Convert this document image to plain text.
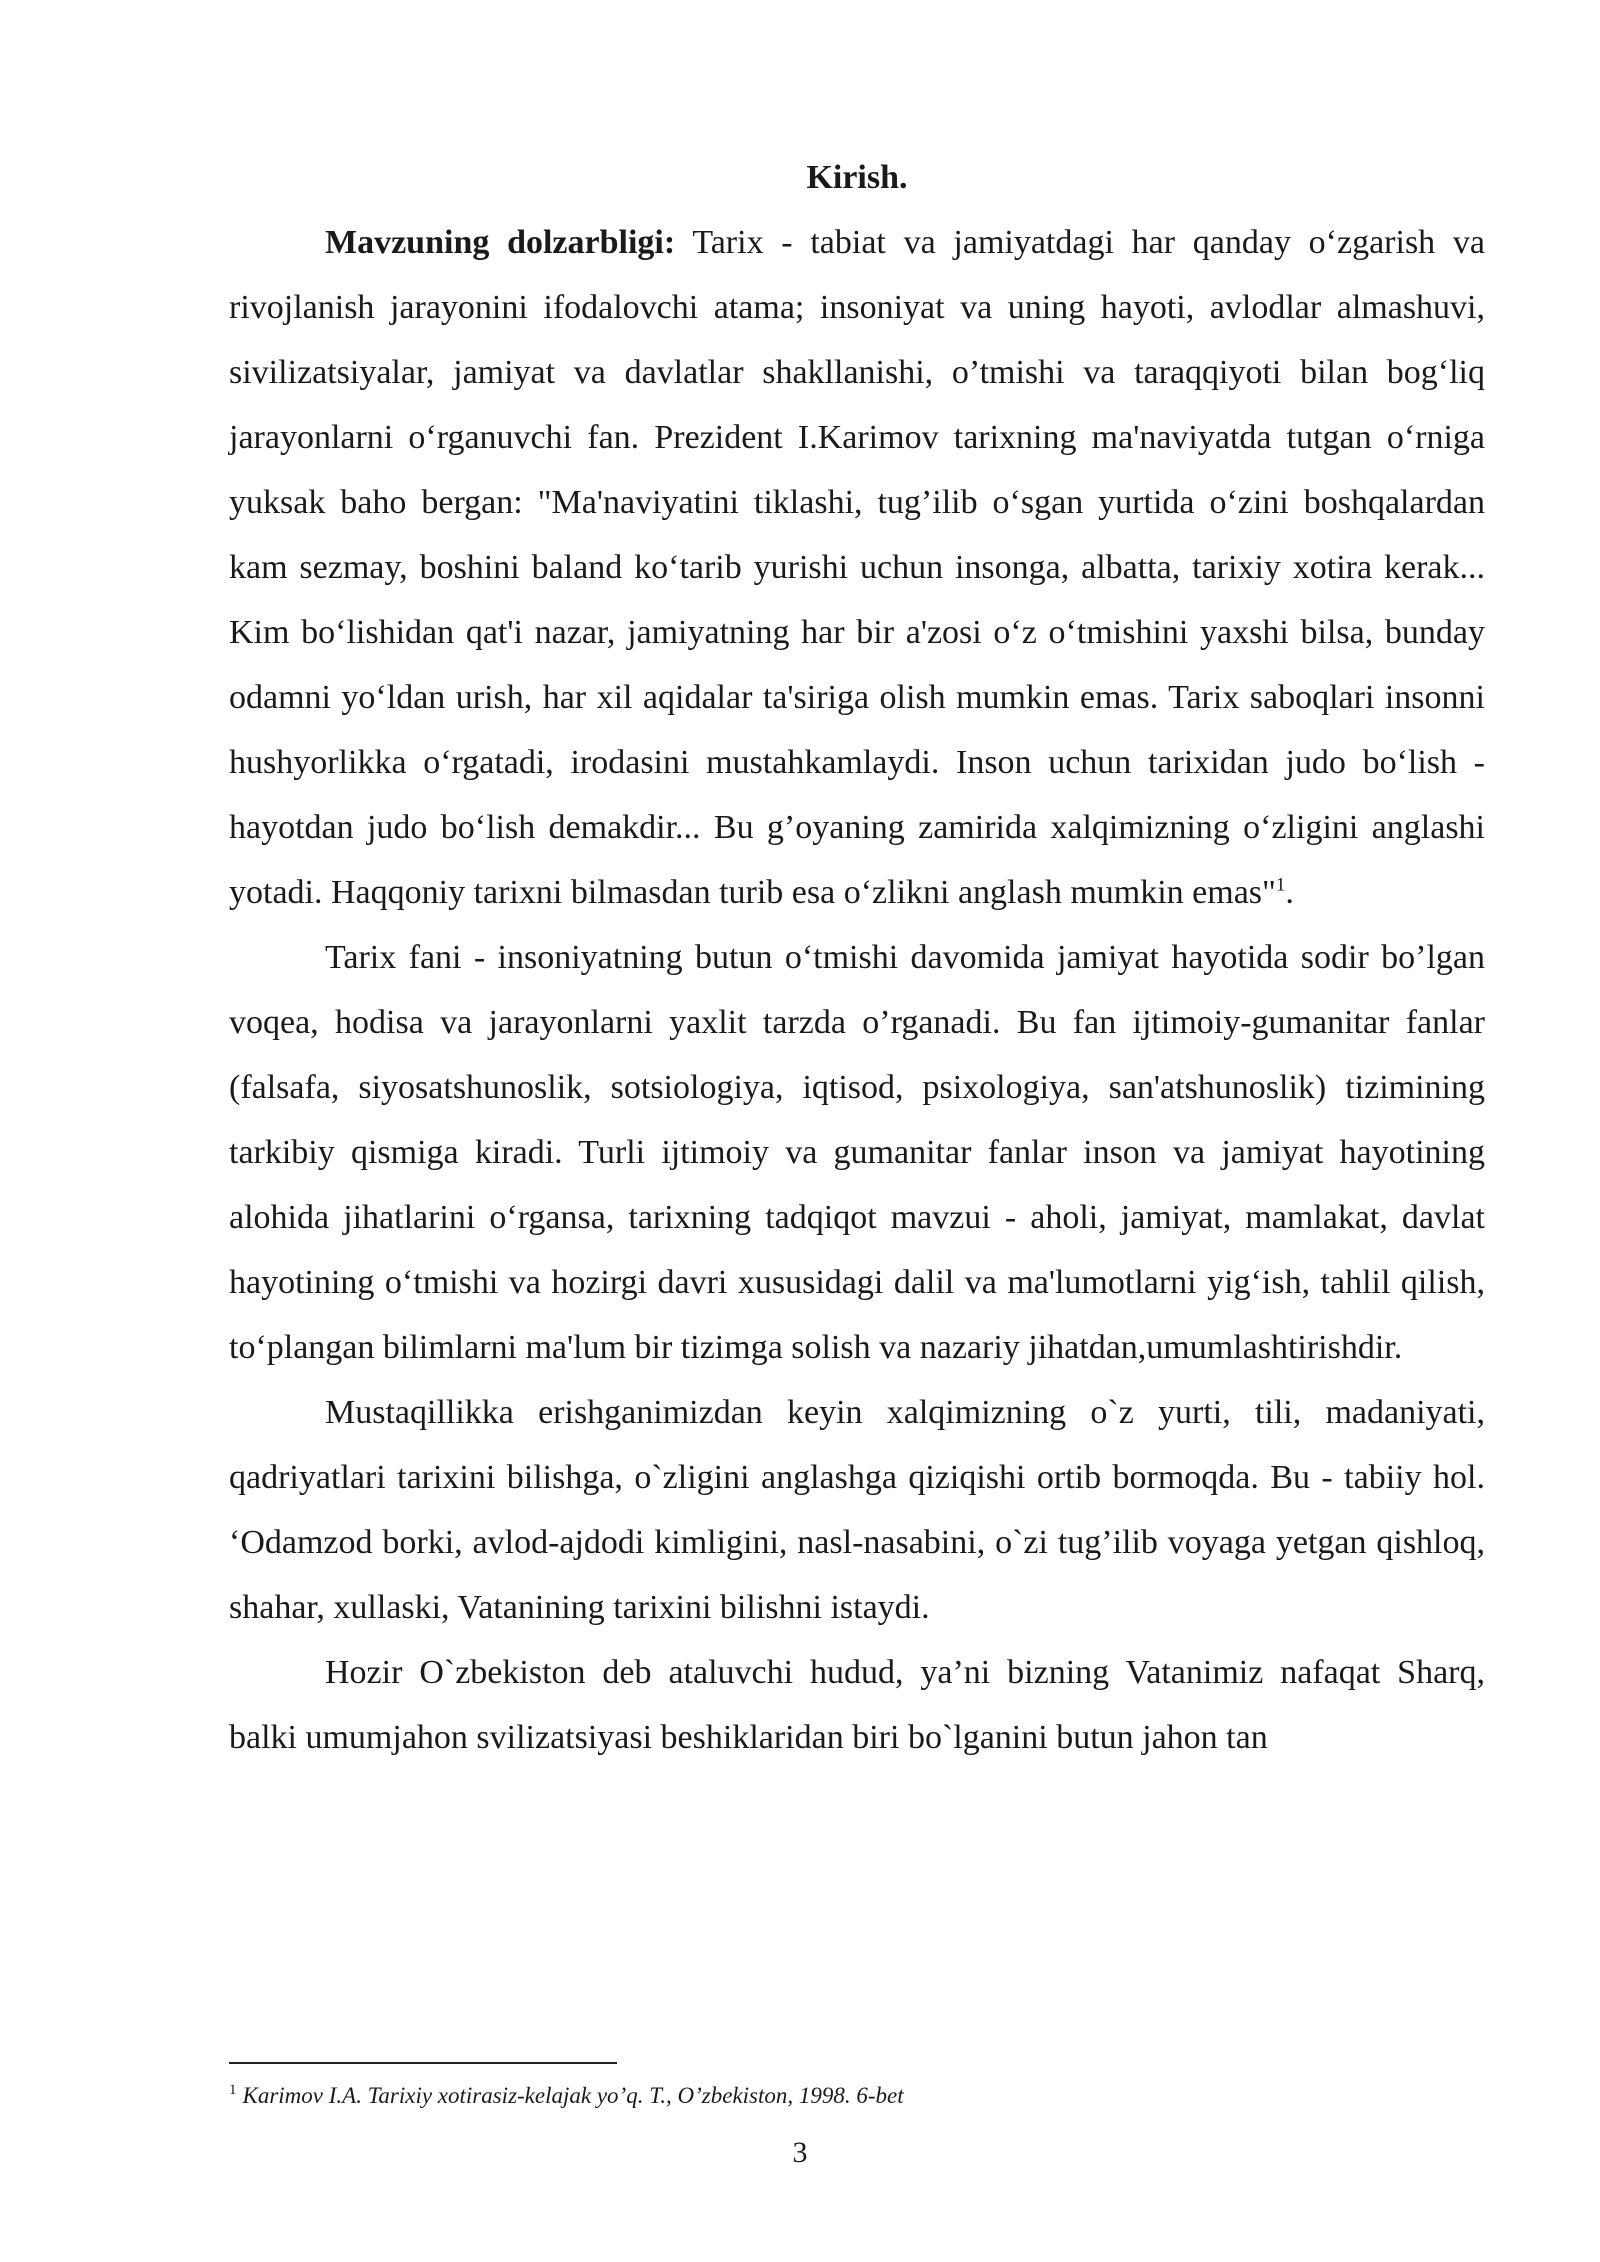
Kirish.

Mavzuning dolzarbligi: Tarix - tabiat va jamiyatdagi har qanday o‘zgarish va rivojlanish jarayonini ifodalovchi atama; insoniyat va uning hayoti, avlodlar almashuvi, sivilizatsiyalar, jamiyat va davlatlar shakllanishi, o’tmishi va taraqqiyoti bilan bog‘liq jarayonlarni o‘rganuvchi fan. Prezident I.Karimov tarixning ma'naviyatda tutgan o‘rniga yuksak baho bergan: "Ma'naviyatini tiklashi, tug’ilib o‘sgan yurtida o‘zini boshqalardan kam sezmay, boshini baland ko‘tarib yurishi uchun insonga, albatta, tarixiy xotira kerak... Kim bo‘lishidan qat'i nazar, jamiyatning har bir a'zosi o‘z o‘tmishini yaxshi bilsa, bunday odamni yo‘ldan urish, har xil aqidalar ta'siriga olish mumkin emas. Tarix saboqlari insonni hushyorlikka o‘rgatadi, irodasini mustahkamlaydi. Inson uchun tarixidan judo bo‘lish - hayotdan judo bo‘lish demakdir... Bu g’oyaning zamirida xalqimizning o‘zligini anglashi yotadi. Haqqoniy tarixni bilmasdan turib esa o‘zlikni anglash mumkin emas"$^1$.

Tarix fani - insoniyatning butun o‘tmishi davomida jamiyat hayotida sodir bo’lgan voqea, hodisa va jarayonlarni yaxlit tarzda o’rganadi. Bu fan ijtimoiy-gumanitar fanlar (falsafa, siyosatshunoslik, sotsiologiya, iqtisod, psixologiya, san'atshunoslik) tizimining tarkibiy qismiga kiradi. Turli ijtimoiy va gumanitar fanlar inson va jamiyat hayotining alohida jihatlarini o‘rgansa, tarixning tadqiqot mavzui - aholi, jamiyat, mamlakat, davlat hayotining o‘tmishi va hozirgi davri xususidagi dalil va ma'lumotlarni yig‘ish, tahlil qilish, to‘plangan bilimlarni ma'lum bir tizimga solish va nazariy jihatdan,umumlashtirishdir.

Mustaqillikka erishganimizdan keyin xalqimizning o`z yurti, tili, madaniyati, qadriyatlari tarixini bilishga, o`zligini anglashga qiziqishi ortib bormoqda. Bu - tabiiy hol. ‘Odamzod borki, avlod-ajdodi kimligini, nasl-nasabini, o`zi tug’ilib voyaga yetgan qishloq, shahar, xullaski, Vatanining tarixini bilishni istaydi.

Hozir O`zbekiston deb ataluvchi hudud, ya’ni bizning Vatanimiz nafaqat Sharq, balki umumjahon svilizatsiyasi beshiklaridan biri bo`lganini butun jahon tan

$^1$ Karimov I.A. Tarixiy xotirasiz-kelajak yo’q. T., O’zbekiston, 1998. 6-bet
3
